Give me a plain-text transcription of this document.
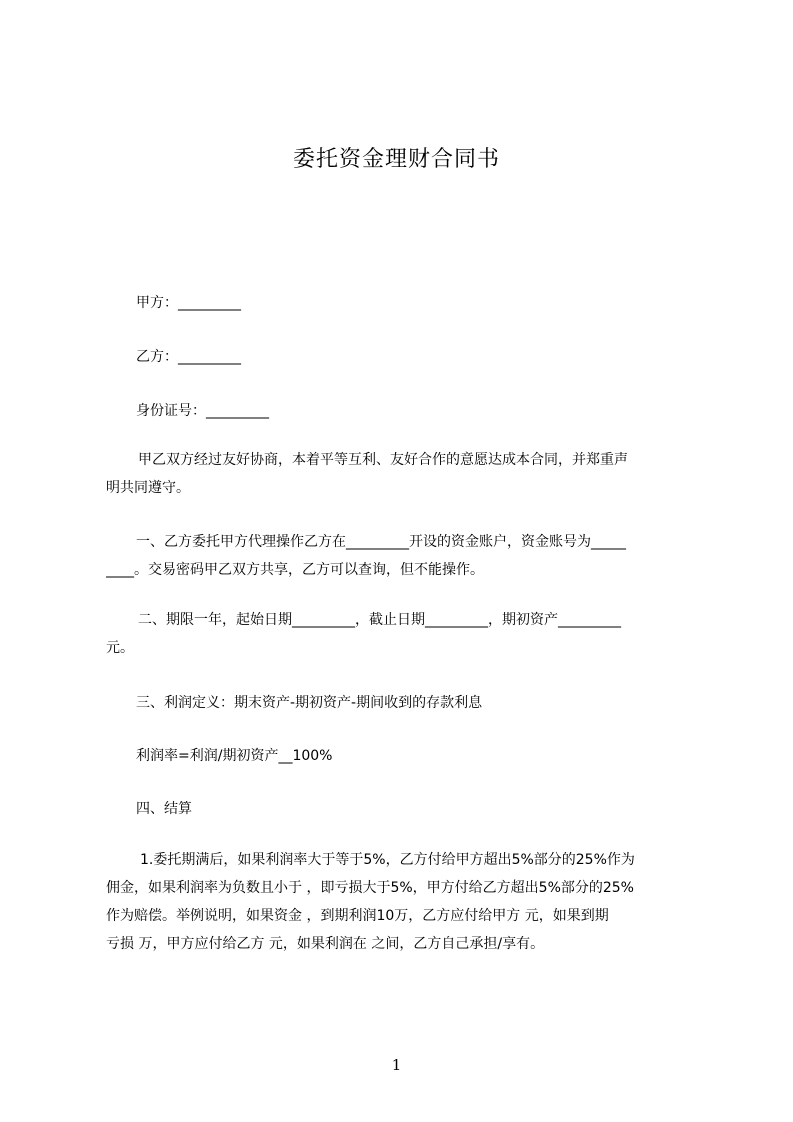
委托资金理财合同书
甲方：_________
乙方：_________
身份证号：_________
甲乙双方经过友好协商，本着平等互利、友好合作的意愿达成本合同，并郑重声
明共同遵守。
一、乙方委托甲方代理操作乙方在_________开设的资金账户，资金账号为_____
____。交易密码甲乙双方共享，乙方可以查询，但不能操作。
二、期限一年，起始日期_________，截止日期_________，期初资产_________
元。
三、利润定义：期末资产-期初资产-期间收到的存款利息
利润率=利润/期初资产__100%
四、结算
1.委托期满后，如果利润率大于等于5%，乙方付给甲方超出5%部分的25%作为
佣金，如果利润率为负数且小于 ，即亏损大于5%，甲方付给乙方超出5%部分的25%
作为赔偿。举例说明，如果资金 ，到期利润10万，乙方应付给甲方 元，如果到期
亏损 万，甲方应付给乙方 元，如果利润在 之间，乙方自己承担/享有。
1
